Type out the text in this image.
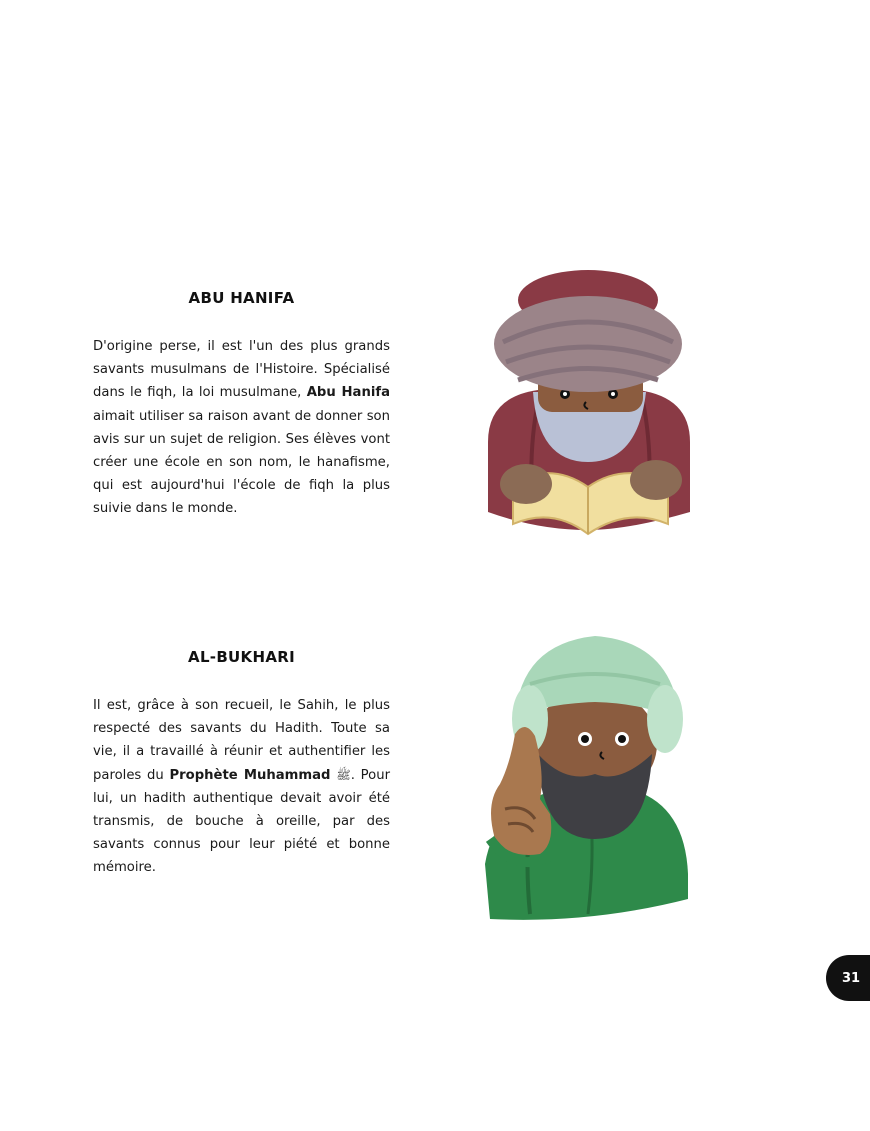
ABU HANIFA

D'origine perse, il est l'un des plus grands savants musulmans de l'Histoire. Spécialisé dans le fiqh, la loi musulmane, Abu Hanifa aimait utiliser sa raison avant de donner son avis sur un sujet de religion. Ses élèves vont créer une école en son nom, le hanafisme, qui est aujourd'hui l'école de fiqh la plus suivie dans le monde.

AL-BUKHARI

Il est, grâce à son recueil, le Sahih, le plus respecté des savants du Hadith. Toute sa vie, il a travaillé à réunir et authentifier les paroles du Prophète Muhammad ﷺ. Pour lui, un hadith authentique devait avoir été transmis, de bouche à oreille, par des savants connus pour leur piété et bonne mémoire.

31
